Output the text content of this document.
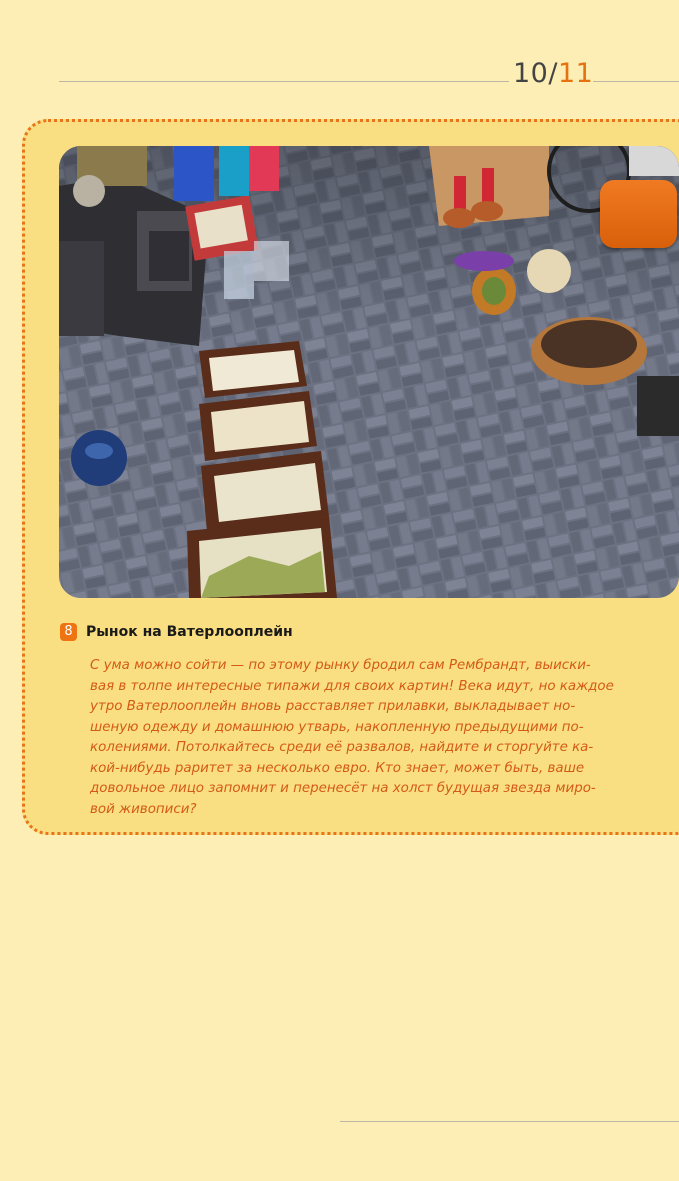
10/11
8 Рынок на Ватерлооплейн
С ума можно сойти — по этому рынку бродил сам Рембрандт, выиски-
вая в толпе интересные типажи для своих картин! Века идут, но каждое
утро Ватерлооплейн вновь расставляет прилавки, выкладывает но-
шеную одежду и домашнюю утварь, накопленную предыдущими по-
колениями. Потолкайтесь среди её развалов, найдите и сторгуйте ка-
кой-нибудь раритет за несколько евро. Кто знает, может быть, ваше
довольное лицо запомнит и перенесёт на холст будущая звезда миро-
вой живописи?
